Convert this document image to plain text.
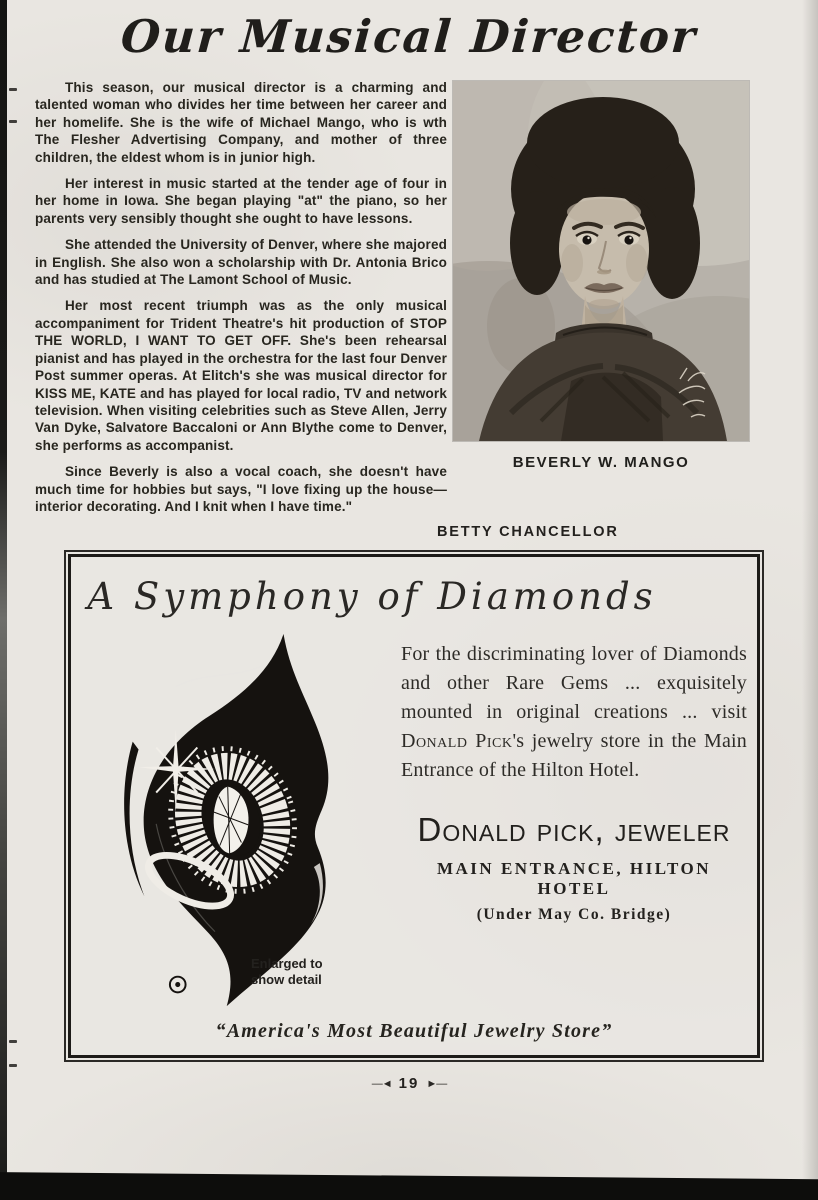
Our Musical Director
BEVERLY W. MANGO

This season, our musical director is a charming and talented woman who divides her time between her career and her homelife. She is the wife of Michael Mango, who is wth The Flesher Advertising Company, and mother of three children, the eldest whom is in junior high.

Her interest in music started at the tender age of four in her home in Iowa. She began playing "at" the piano, so her parents very sensibly thought she ought to have lessons.

She attended the University of Denver, where she majored in English. She also won a scholarship with Dr. Antonia Brico and has studied at The Lamont School of Music.

Her most recent triumph was as the only musical accompaniment for Trident Theatre's hit production of STOP THE WORLD, I WANT TO GET OFF. She's been rehearsal pianist and has played in the orchestra for the last four Denver Post summer operas. At Elitch's she was musical director for KISS ME, KATE and has played for local radio, TV and network television. When visiting celebrities such as Steve Allen, Jerry Van Dyke, Salvatore Baccaloni or Ann Blythe come to Denver, she performs as accompanist.

Since Beverly is also a vocal coach, she doesn't have much time for hobbies but says, "I love fixing up the house—interior decorating. And I knit when I have time."

BETTY CHANCELLOR
A Symphony of Diamonds
Enlarged to show detail

For the discriminating lover of Diamonds and other Rare Gems ... exquisitely mounted in original creations ... visit Donald Pick's jewelry store in the Main Entrance of the Hilton Hotel.

Donald pick, jeweler
MAIN ENTRANCE, HILTON HOTEL
(Under May Co. Bridge)
“America's Most Beautiful Jewelry Store”
—◄ 19 ►—
